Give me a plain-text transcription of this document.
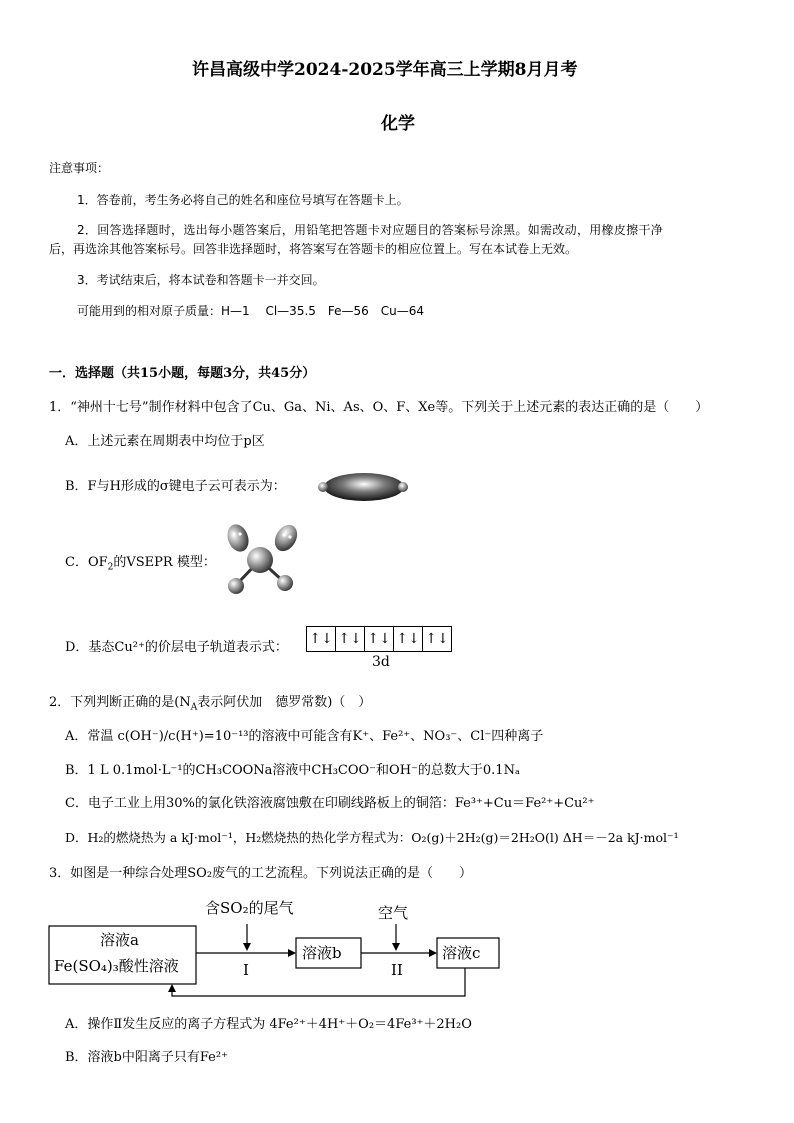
许昌高级中学2024-2025学年高三上学期8月月考
化学
注意事项：
1．答卷前，考生务必将自己的姓名和座位号填写在答题卡上。
2．回答选择题时，选出每小题答案后，用铅笔把答题卡对应题目的答案标号涂黑。如需改动，用橡皮擦干净
后，再选涂其他答案标号。回答非选择题时，将答案写在答题卡的相应位置上。写在本试卷上无效。
3．考试结束后，将本试卷和答题卡一并交回。
可能用到的相对原子质量：H—1　 Cl—35.5　Fe—56　Cu—64
一．选择题（共15小题，每题3分，共45分）
1．“神州十七号”制作材料中包含了Cu、Ga、Ni、As、O、F、Xe等。下列关于上述元素的表达正确的是（　　）
A．上述元素在周期表中均位于p区
B．F与H形成的σ键电子云可表示为：
C．$OF_2$的VSEPR 模型：
D．基态Cu²⁺的价层电子轨道表示式：
↑↓ ↑↓ ↑↓ ↑↓ ↑↓
3d
2．下列判断正确的是($N_A$表示阿伏加　德罗常数)（　）
A．常温 c(OH⁻)/c(H⁺)=10⁻¹³的溶液中可能含有K⁺、Fe²⁺、NO₃⁻、Cl⁻四种离子
B．1 L 0.1mol·L⁻¹的CH₃COONa溶液中CH₃COO⁻和OH⁻的总数大于0.1Nₐ
C．电子工业上用30%的氯化铁溶液腐蚀敷在印刷线路板上的铜箔：Fe³⁺+Cu＝Fe²⁺+Cu²⁺
D．H₂的燃烧热为 a kJ·mol⁻¹，H₂燃烧热的热化学方程式为：O₂(g)＋2H₂(g)＝2H₂O(l) ΔH＝－2a kJ·mol⁻¹
3．如图是一种综合处理SO₂废气的工艺流程。下列说法正确的是（　　）
含SO₂的尾气	空气
溶液a
Fe(SO₄)₃酸性溶液
溶液b	溶液c
I	II
A．操作Ⅱ发生反应的离子方程式为 4Fe²⁺＋4H⁺＋O₂＝4Fe³⁺＋2H₂O
B．溶液b中阳离子只有Fe²⁺
